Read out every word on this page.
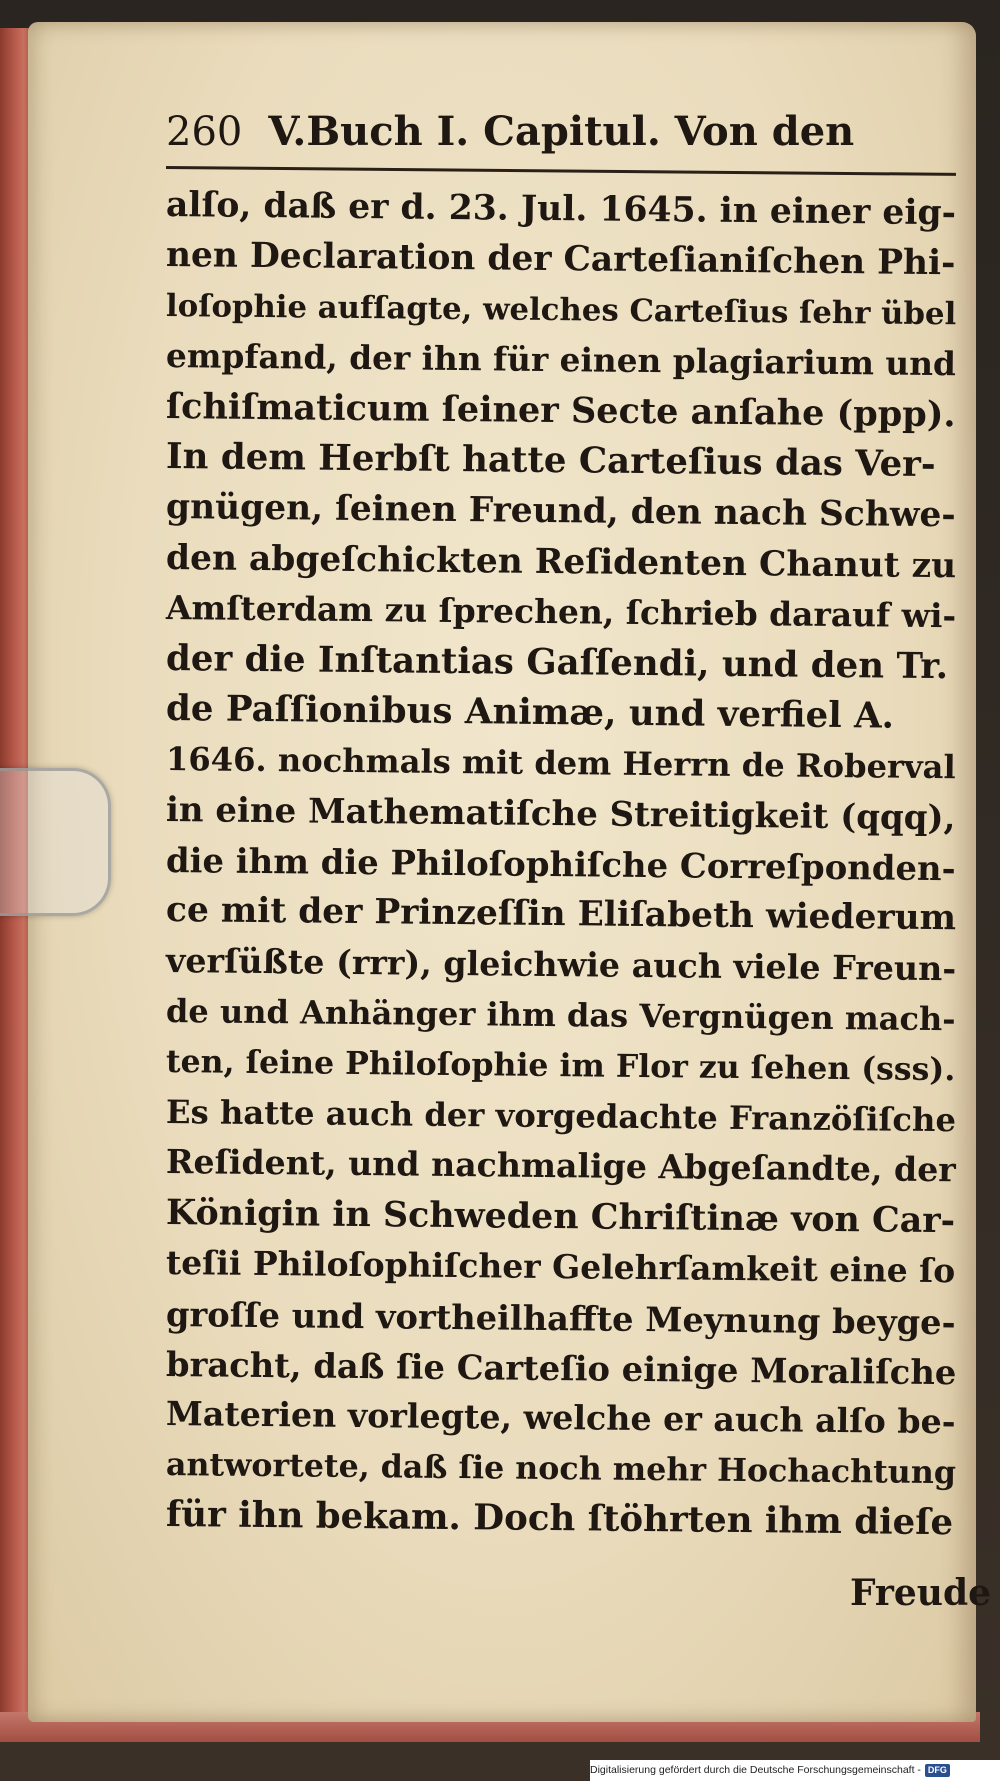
260 V.Buch I. Capitul. Von den
alſo, daß er d. 23. Jul. 1645. in einer eig-
nen Declaration der Carteſianiſchen Phi-
loſophie aufſagte, welches Carteſius ſehr übel
empfand, der ihn für einen plagiarium und
ſchiſmaticum ſeiner Secte anſahe (ppp).
In dem Herbſt hatte Carteſius das Ver-
gnügen, ſeinen Freund, den nach Schwe-
den abgeſchickten Reſidenten Chanut zu
Amſterdam zu ſprechen, ſchrieb darauf wi-
der die Inſtantias Gaſſendi, und den Tr.
de Paſſionibus Animæ, und verfiel A.
1646. nochmals mit dem Herrn de Roberval
in eine Mathematiſche Streitigkeit (qqq),
die ihm die Philoſophiſche Correſponden-
ce mit der Prinzeſſin Eliſabeth wiederum
verſüßte (rrr), gleichwie auch viele Freun-
de und Anhänger ihm das Vergnügen mach-
ten, ſeine Philoſophie im Flor zu ſehen (sss).
Es hatte auch der vorgedachte Franzöſiſche
Reſident, und nachmalige Abgeſandte, der
Königin in Schweden Chriſtinæ von Car-
teſii Philoſophiſcher Gelehrſamkeit eine ſo
groſſe und vortheilhaffte Meynung beyge-
bracht, daß ſie Carteſio einige Moraliſche
Materien vorlegte, welche er auch alſo be-
antwortete, daß ſie noch mehr Hochachtung
für ihn bekam. Doch ſtöhrten ihm dieſe
Freude
Digitalisierung gefördert durch die Deutsche Forschungsgemeinschaft - DFG
